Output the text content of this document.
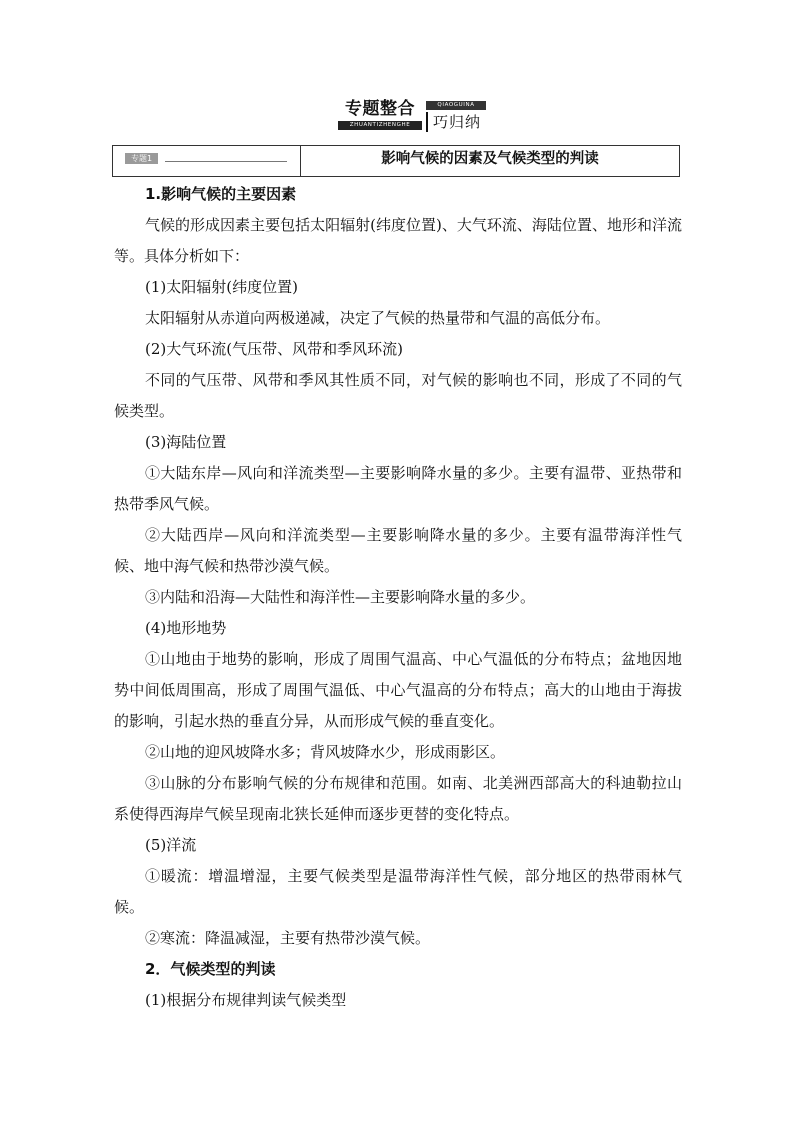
专题整合
ZHUANTIZHENGHE
QIAOGUINA
巧归纳
专题1	影响气候的因素及气候类型的判读

1.影响气候的主要因素

气候的形成因素主要包括太阳辐射(纬度位置)、大气环流、海陆位置、地形和洋流等。具体分析如下：

(1)太阳辐射(纬度位置)

太阳辐射从赤道向两极递减，决定了气候的热量带和气温的高低分布。

(2)大气环流(气压带、风带和季风环流)

不同的气压带、风带和季风其性质不同，对气候的影响也不同，形成了不同的气候类型。

(3)海陆位置

①大陆东岸—风向和洋流类型—主要影响降水量的多少。主要有温带、亚热带和热带季风气候。

②大陆西岸—风向和洋流类型—主要影响降水量的多少。主要有温带海洋性气候、地中海气候和热带沙漠气候。

③内陆和沿海—大陆性和海洋性—主要影响降水量的多少。

(4)地形地势

①山地由于地势的影响，形成了周围气温高、中心气温低的分布特点；盆地因地势中间低周围高，形成了周围气温低、中心气温高的分布特点；高大的山地由于海拔的影响，引起水热的垂直分异，从而形成气候的垂直变化。

②山地的迎风坡降水多；背风坡降水少，形成雨影区。

③山脉的分布影响气候的分布规律和范围。如南、北美洲西部高大的科迪勒拉山系使得西海岸气候呈现南北狭长延伸而逐步更替的变化特点。

(5)洋流

①暖流：增温增湿，主要气候类型是温带海洋性气候，部分地区的热带雨林气候。

②寒流：降温减湿，主要有热带沙漠气候。

2．气候类型的判读

(1)根据分布规律判读气候类型
